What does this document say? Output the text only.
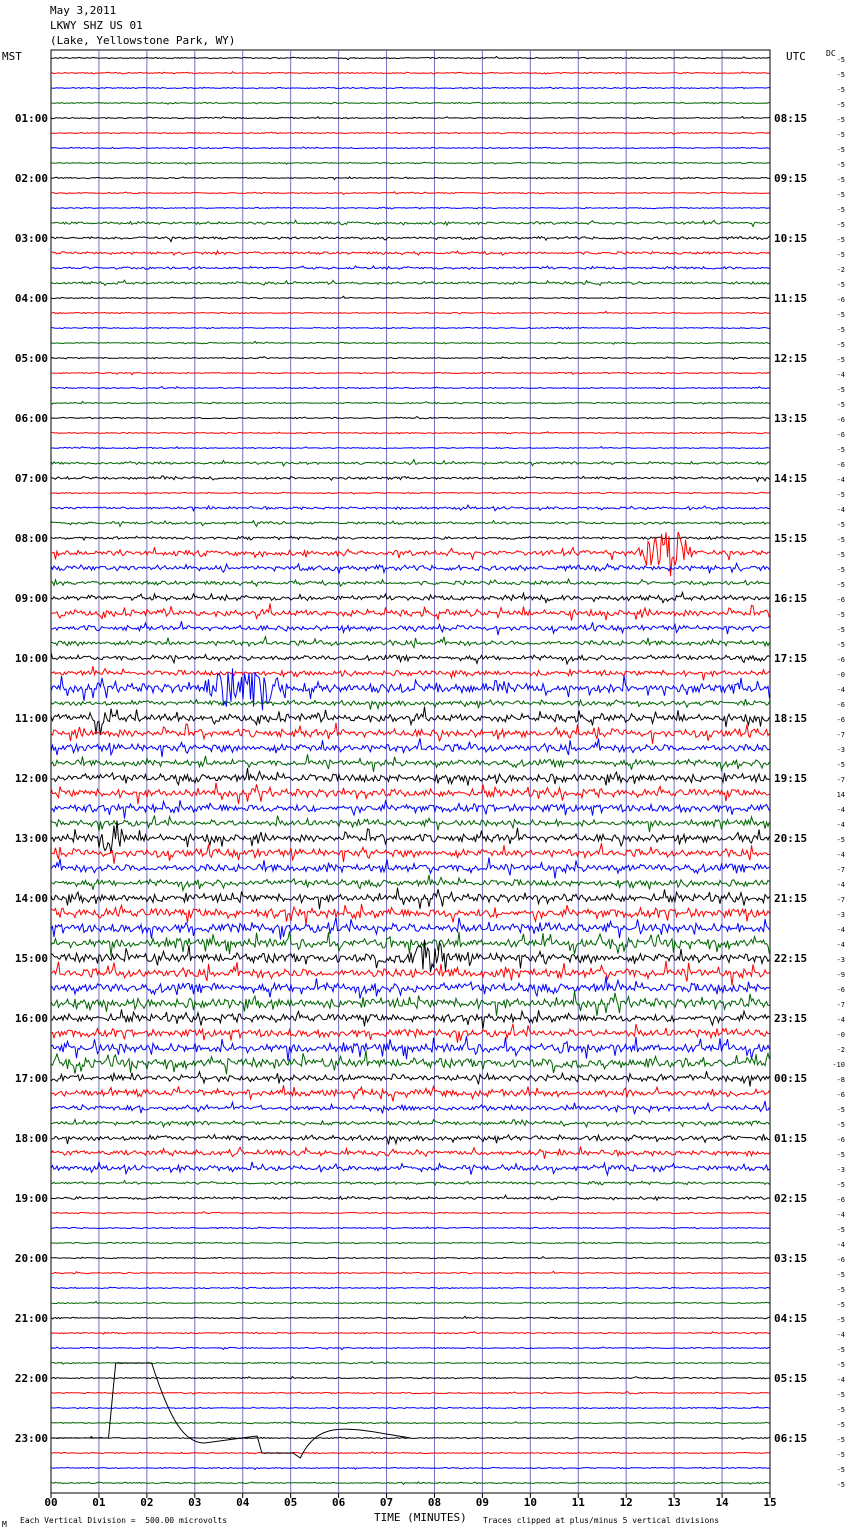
May 3,2011
LKWY SHZ US 01
(Lake, Yellowstone Park, WY)
MST	UTC	DC
00	01	02	03	04	05	06	07	08	09	10	11	12	13	14	15
-5
-5
-5
-5
-5
-5
-5
-5
-5
-5
-5
-5
-5
-5
-2
-5
-6
-5
-5
-5
-5
-4
-5
-5
-6
-6
-5
-6
-4
-5
-4
-5
-5
-5
-5
-5
-6
-5
-5
-5
-6
-0
-4
-6
-6
-7
-3
-5
-7
14
-4
-4
-5
-4
-7
-4
-7
-3
-4
-4
-3
-9
-6
-7
-4
-0
-2
-10
-8
-6
-5
-5
-6
-5
-3
-5
-6
-4
-5
-4
-6
-5
-5
-5
-5
-4
-5
-5
-4
-5
-5
-5
-5
-5
-5
-5
01:00
02:00
03:00
04:00
05:00
06:00
07:00
08:00
09:00
10:00
11:00
12:00
13:00
14:00
15:00
16:00
17:00
18:00
19:00
20:00
21:00
22:00
23:00
08:15
09:15
10:15
11:15
12:15
13:15
14:15
15:15
16:15
17:15
18:15
19:15
20:15
21:15
22:15
23:15
00:15
01:15
02:15
03:15
04:15
05:15
06:15
M Each Vertical Division =  500.00 microvolts	TIME (MINUTES) Traces clipped at plus/minus 5 vertical divisions
